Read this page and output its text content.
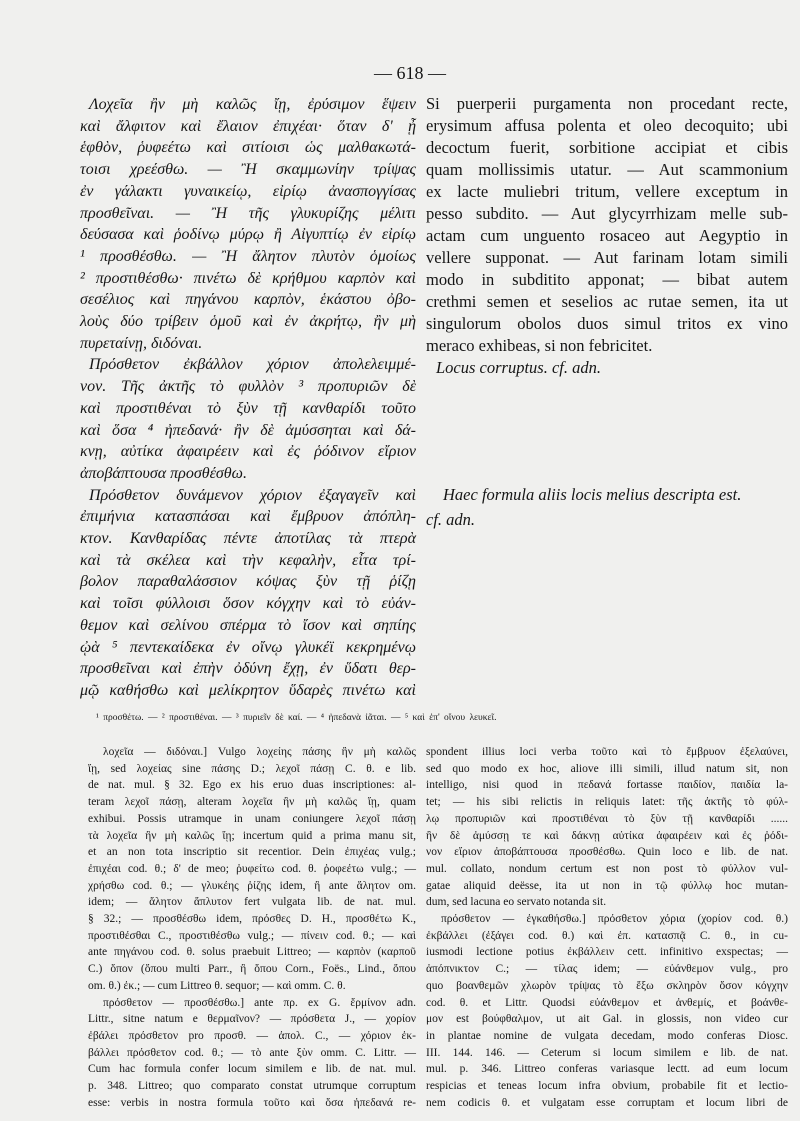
— 618 —
Λοχεῖα ἢν μὴ καλῶς ἴῃ, ἐρύσιμον ἕψειν
καὶ ἄλφιτον καὶ ἔλαιον ἐπιχέαι· ὅταν δ' ᾖ
ἑφθὸν, ῥυφεέτω καὶ σιτίοισι ὡς μαλθακωτά-
τοισι χρεέσθω. — Ἢ σκαμμωνίην τρίψας
ἐν γάλακτι γυναικείῳ, εἰρίῳ ἀνασπογγίσας
προσθεῖναι. — Ἢ τῆς γλυκυρίζης μέλιτι
δεύσασα καὶ ῥοδίνῳ μύρῳ ἢ Αἰγυπτίῳ ἐν εἰρίῳ
¹ προσθέσθω. — Ἢ ἄλητον πλυτὸν ὁμοίως
² προστιθέσθω· πινέτω δὲ κρήθμου καρπὸν καὶ
σεσέλιος καὶ πηγάνου καρπὸν, ἑκάστου ὀβο-
λοὺς δύο τρίβειν ὁμοῦ καὶ ἐν ἀκρήτῳ, ἢν μὴ
πυρεταίνῃ, διδόναι.
Πρόσθετον ἐκβάλλον χόριον ἀπολελειμμέ-
νον. Τῆς ἀκτῆς τὸ φυλλὸν ³ προπυριῶν δὲ
καὶ προστιθέναι τὸ ξὺν τῇ κανθαρίδι τοῦτο
καὶ ὅσα ⁴ ἠπεδανά· ἢν δὲ ἀμύσσηται καὶ δά-
κνῃ, αὐτίκα ἀφαιρέειν καὶ ἐς ῥόδινον εἴριον
ἀποβάπτουσα προσθέσθω.
Πρόσθετον δυνάμενον χόριον ἐξαγαγεῖν καὶ
ἐπιμήνια κατασπάσαι καὶ ἔμβρυον ἀπόπλη-
κτον. Κανθαρίδας πέντε ἀποτίλας τὰ πτερὰ
καὶ τὰ σκέλεα καὶ τὴν κεφαλὴν, εἶτα τρί-
βολον παραθαλάσσιον κόψας ξὺν τῇ ῥίζῃ
καὶ τοῖσι φύλλοισι ὅσον κόγχην καὶ τὸ εὐάν-
θεμον καὶ σελίνου σπέρμα τὸ ἴσον καὶ σηπίης
ᾠὰ ⁵ πεντεκαίδεκα ἐν οἴνῳ γλυκέϊ κεκρημένῳ
προσθεῖναι καὶ ἐπὴν ὀδύνη ἔχῃ, ἐν ὕδατι θερ-
μῷ καθήσθω καὶ μελίκρητον ὕδαρὲς πινέτω καὶ
Si puerperii purgamenta non procedant recte,
erysimum affusa polenta et oleo decoquito; ubi
decoctum fuerit, sorbitione accipiat et cibis
quam mollissimis utatur. — Aut scammonium
ex lacte muliebri tritum, vellere exceptum in
pesso subdito. — Aut glycyrrhizam melle sub-
actam cum unguento rosaceo aut Aegyptio in
vellere supponat. — Aut farinam lotam simili
modo in subditito apponat; — bibat autem
crethmi semen et seselios ac rutae semen, ita ut
singulorum obolos duos simul tritos ex vino
meraco exhibeas, si non febricitet.
Locus corruptus. cf. adn.
Haec formula aliis locis melius descripta est.
cf. adn.
¹ προσθέτω. — ² προστιθέναι. — ³ πυριεῖν δὲ καί. — ⁴ ἠπεδανὰ ἰᾶται. — ⁵ καὶ ἐπ' οἴνου λευκεῖ.
λοχεῖα — διδόναι.] Vulgo λοχείης πάσης ἢν μὴ καλῶς
ἴῃ, sed λοχείας sine πάσης D.; λεχοῖ πάσῃ C. θ. e lib.
de nat. mul. § 32. Ego ex his eruo duas inscriptiones: al-
teram λεχοῖ πάσῃ, alteram λοχεῖα ἢν μὴ καλῶς ἴῃ, quam
exhibui. Possis utramque in unam coniungere λεχοῖ πάσῃ
τὰ λοχεῖα ἢν μὴ καλῶς ἴῃ; incertum quid a prima manu sit,
et an non tota inscriptio sit recentior. Dein ἐπιχέας vulg.;
ἐπιχέαι cod. θ.; δ' de meo; ῥυφείτω cod. θ. ῥοφεέτω vulg.; —
χρήσθω cod. θ.; — γλυκέης ῥίζης idem, ἢ ante ἄλητον om.
idem; — ἄλητον ἄπλυτον fert vulgata lib. de nat. mul.
§ 32.; — προσθέσθω idem, πρόσθες D. H., προσθέτω K.,
προστιθέσθαι C., προστιθέσθω vulg.; — πίνειν cod. θ.; — καὶ
ante πηγάνου cod. θ. solus praebuit Littreo; — καρπὸν (καρποῦ
C.) ὅπον (ὄπου multi Parr., ἢ ὅπου Corn., Foës., Lind., ὄπου
om. θ.) ἐκ.; — cum Littreo θ. sequor; — καὶ omm. C. θ.
πρόσθετον — προσθέσθω.] ante πρ. ex G. ἕρμίνον adn.
Littr., sitne natum e θερμαῖνον? — πρόσθετα J., — χορίον
ἐβάλει πρόσθετον pro προσθ. — ἀπολ. C., — χόριον ἐκ-
βάλλει πρόσθετον cod. θ.; — τὸ ante ξὺν omm. C. Littr. —
Cum hac formula confer locum similem e lib. de nat. mul.
p. 348. Littreo; quo comparato constat utrumque corruptum
esse: verbis in nostra formula τοῦτο καὶ ὅσα ἠπεδανά re-
spondent illius loci verba τοῦτο καὶ τὸ ἔμβρυον ἐξελαύνει,
sed quo modo ex hoc, aliove illi simili, illud natum sit, non
intelligo, nisi quod in πεδανά fortasse παιδίον, παιδία la-
tet; — his sibi relictis in reliquis latet: τῆς ἀκτῆς τὸ φύλ-
λῳ προπυριῶν καὶ προστιθέναι τὸ ξὺν τῇ κανθαρίδι ......
ἢν δὲ ἀμύσσῃ τε καὶ δάκνῃ αὐτίκα ἀφαιρέειν καὶ ἐς ῥόδι-
νον εἴριον ἀποβάπτουσα προσθέσθω. Quin loco e lib. de nat.
mul. collato, nondum certum est non post τὸ φύλλον vul-
gatae aliquid deësse, ita ut non in τῷ φύλλῳ hoc mutan-
dum, sed lacuna eo servato notanda sit.
πρόσθετον — ἐγκαθήσθω.] πρόσθετον χόρια (χορίον cod. θ.)
ἐκβάλλει (ἐξάγει cod. θ.) καὶ ἐπ. κατασπᾷ C. θ., in cu-
iusmodi lectione potius ἐκβάλλειν cett. infinitivo exspectas; —
ἀπόπνικτον C.; — τίλας idem; — εὐάνθεμον vulg., pro
quo βοανθεμῶν χλωρὸν τρίψας τὸ ἔξω σκληρὸν ὅσον κόγχην
cod. θ. et Littr. Quodsi εὐάνθεμον et ἀνθεμίς, et βοάνθε-
μον est βούφθαλμον, ut ait Gal. in glossis, non video cur
in plantae nomine de vulgata decedam, modo conferas Diosc.
III. 144. 146. — Ceterum si locum similem e lib. de nat.
mul. p. 346. Littreo conferas variasque lectt. ad eum locum
respicias et teneas locum infra obvium, probabile fit et lectio-
nem codicis θ. et vulgatam esse corruptam et locum libri de
